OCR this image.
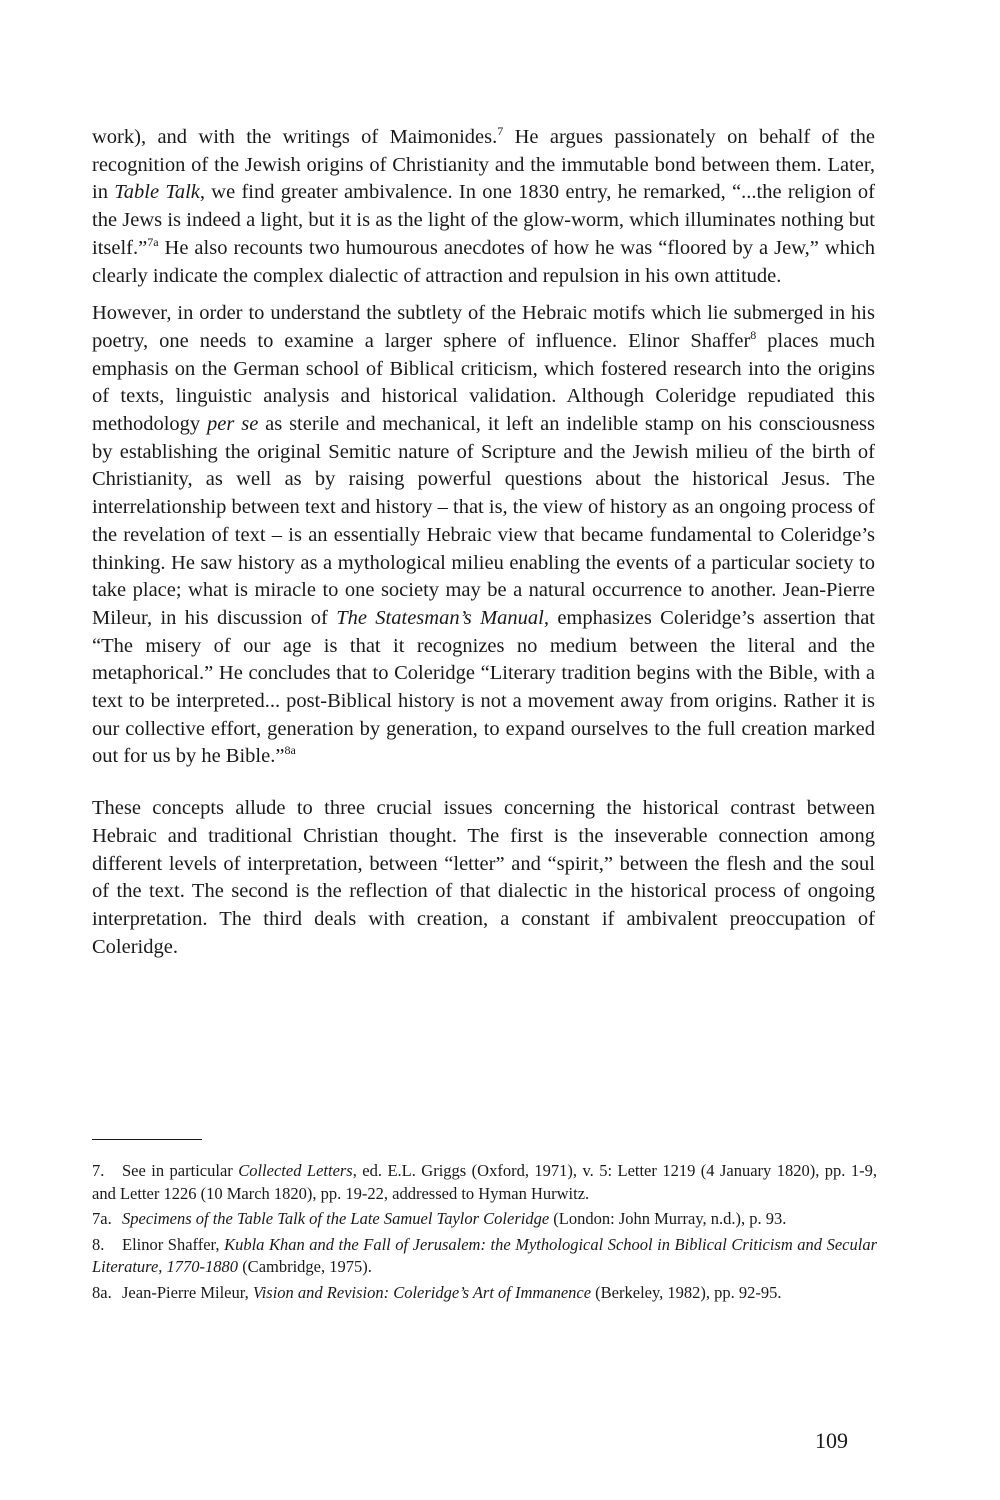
work), and with the writings of Maimonides.$^7$ He argues passionately on behalf of the recognition of the Jewish origins of Christianity and the immutable bond between them. Later, in Table Talk, we find greater ambivalence. In one 1830 entry, he remarked, “...the religion of the Jews is indeed a light, but it is as the light of the glow-worm, which illuminates nothing but itself.”$^{7a}$ He also recounts two humourous anecdotes of how he was “floored by a Jew,” which clearly indicate the complex dialectic of attraction and repulsion in his own attitude.

However, in order to understand the subtlety of the Hebraic motifs which lie submerged in his poetry, one needs to examine a larger sphere of influence. Elinor Shaffer$^8$ places much emphasis on the German school of Biblical criticism, which fostered research into the origins of texts, linguistic analysis and historical validation. Although Coleridge repudiated this methodology per se as sterile and mechanical, it left an indelible stamp on his consciousness by establishing the original Semitic nature of Scripture and the Jewish milieu of the birth of Christianity, as well as by raising powerful questions about the historical Jesus. The interrelationship between text and history – that is, the view of history as an ongoing process of the revelation of text – is an essentially Hebraic view that became fundamental to Coleridge’s thinking. He saw history as a mythological milieu enabling the events of a particular society to take place; what is miracle to one society may be a natural occurrence to another. Jean-Pierre Mileur, in his discussion of The Statesman’s Manual, emphasizes Coleridge’s assertion that “The misery of our age is that it recognizes no medium between the literal and the metaphorical.” He concludes that to Coleridge “Literary tradition begins with the Bible, with a text to be interpreted... post-Biblical history is not a movement away from origins. Rather it is our collective effort, generation by generation, to expand ourselves to the full creation marked out for us by he Bible.”$^{8a}$

These concepts allude to three crucial issues concerning the historical contrast between Hebraic and traditional Christian thought. The first is the inseverable connection among different levels of interpretation, between “letter” and “spirit,” between the flesh and the soul of the text. The second is the reflection of that dialectic in the historical process of ongoing interpretation. The third deals with creation, a constant if ambivalent preoccupation of Coleridge.

7. See in particular Collected Letters, ed. E.L. Griggs (Oxford, 1971), v. 5: Letter 1219 (4 January 1820), pp. 1-9, and Letter 1226 (10 March 1820), pp. 19-22, addressed to Hyman Hurwitz.

7a. Specimens of the Table Talk of the Late Samuel Taylor Coleridge (London: John Murray, n.d.), p. 93.

8. Elinor Shaffer, Kubla Khan and the Fall of Jerusalem: the Mythological School in Biblical Criticism and Secular Literature, 1770-1880 (Cambridge, 1975).

8a. Jean-Pierre Mileur, Vision and Revision: Coleridge’s Art of Immanence (Berkeley, 1982), pp. 92-95.

109
